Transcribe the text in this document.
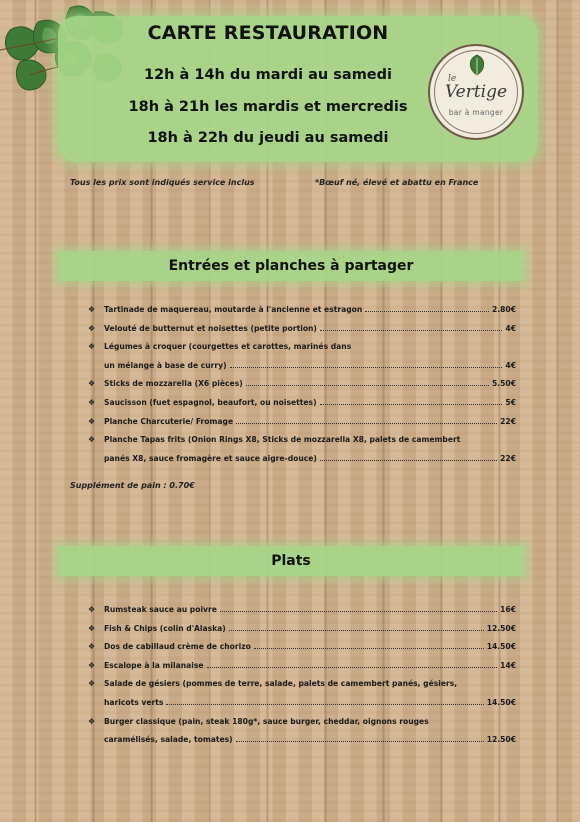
CARTE RESTAURATION
12h à 14h du mardi au samedi
18h à 21h les mardis et mercredis
18h à 22h du jeudi au samedi
le
Vertige
bar à manger
Tous les prix sont indiqués service inclus	*Bœuf né, élevé et abattu en France
Entrées et planches à partager
❖ Tartinade de maquereau, moutarde à l'ancienne et estragon	2.80€
❖ Velouté de butternut et noisettes (petite portion)	4€
❖ Légumes à croquer (courgettes et carottes, marinés dans
un mélange à base de curry)	4€
❖ Sticks de mozzarella (X6 pièces)	5.50€
❖ Saucisson (fuet espagnol, beaufort, ou noisettes)	5€
❖ Planche Charcuterie/ Fromage	22€
❖ Planche Tapas frits (Onion Rings X8, Sticks de mozzarella X8, palets de camembert
panés X8, sauce fromagère et sauce aigre-douce)	22€
Supplément de pain : 0.70€
Plats
❖ Rumsteak sauce au poivre	16€
❖ Fish & Chips (colin d'Alaska)	12.50€
❖ Dos de cabillaud crème de chorizo	14.50€
❖ Escalope à la milanaise	14€
❖ Salade de gésiers (pommes de terre, salade, palets de camembert panés, gésiers,
haricots verts	14.50€
❖ Burger classique (pain, steak 180g*, sauce burger, cheddar, oignons rouges
caramélisés, salade, tomates)	12.50€
